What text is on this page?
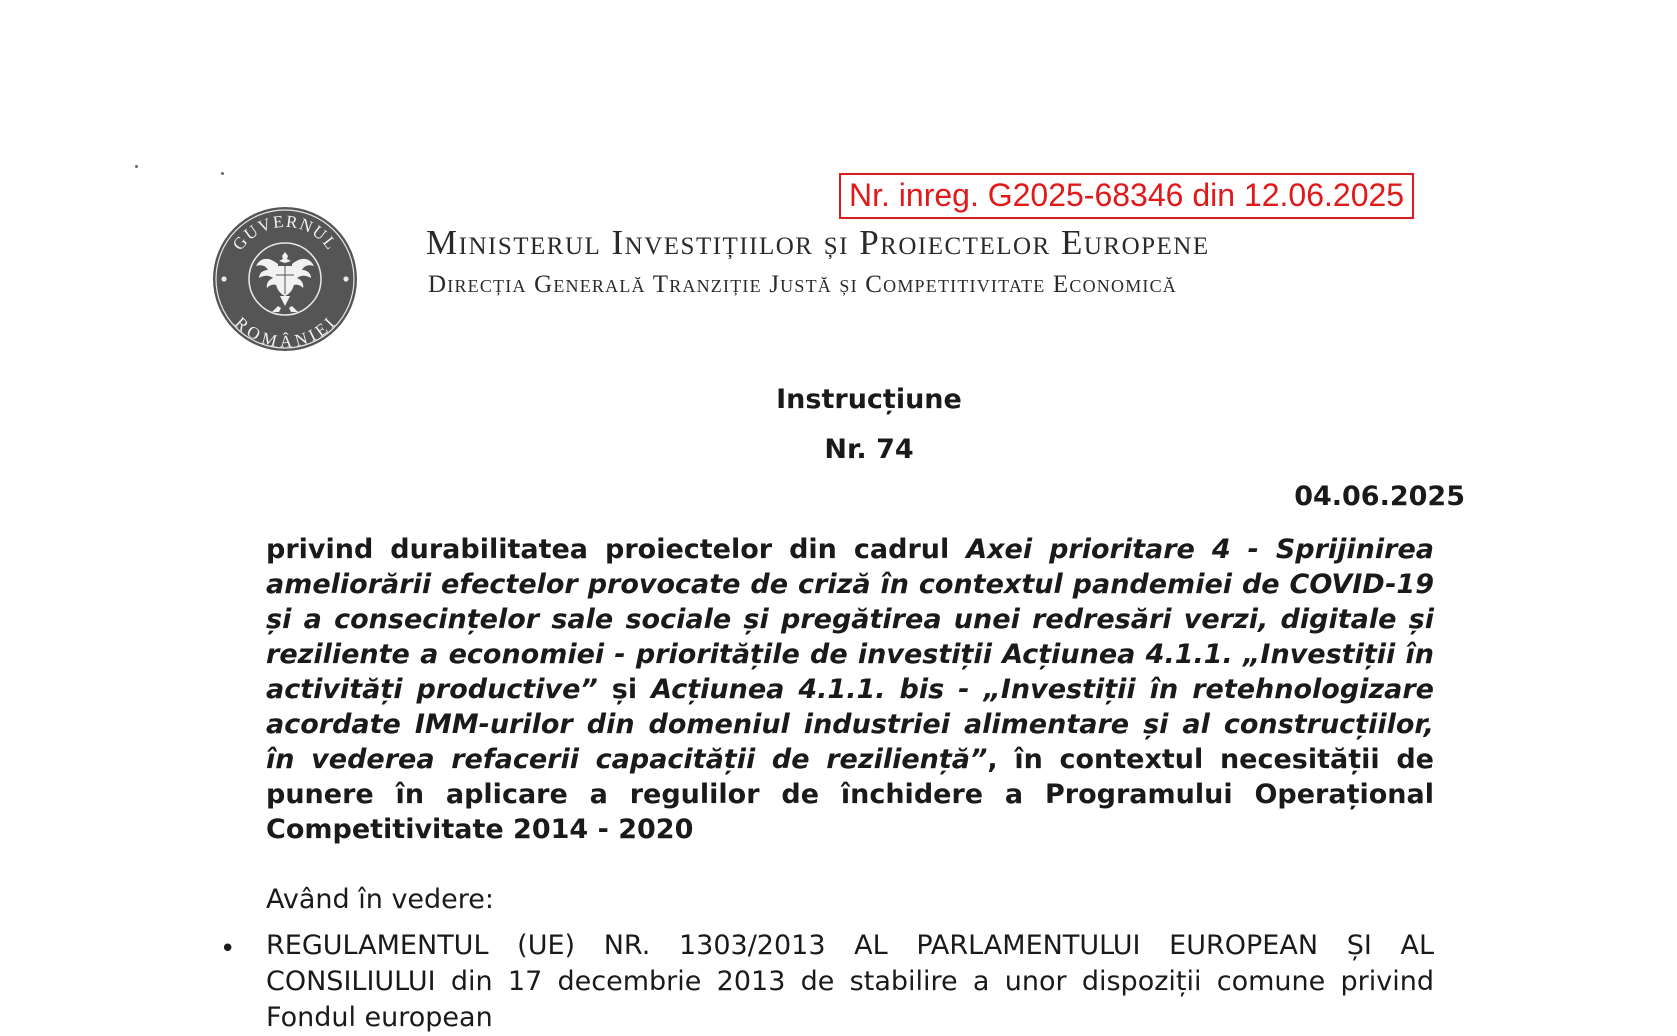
Nr. inreg. G2025-68346 din 12.06.2025
GUVERNUL
ROMÂNIEI
Ministerul Investițiilor și Proiectelor Europene
Direcția Generală Tranziție Justă și Competitivitate Economică
Instrucțiune
Nr. 74
04.06.2025
privind durabilitatea proiectelor din cadrul Axei prioritare 4 - Sprijinirea ameliorării efectelor provocate de criză în contextul pandemiei de COVID-19 și a consecințelor sale sociale și pregătirea unei redresări verzi, digitale și reziliente a economiei - prioritățile de investiții Acțiunea 4.1.1. „Investiții în activități productive” și Acțiunea 4.1.1. bis - „Investiții în retehnologizare acordate IMM-urilor din domeniul industriei alimentare și al construcțiilor, în vederea refacerii capacității de reziliență”, în contextul necesității de punere în aplicare a regulilor de închidere a Programului Operațional Competitivitate 2014 - 2020
Având în vedere:
• REGULAMENTUL (UE) NR. 1303/2013 AL PARLAMENTULUI EUROPEAN ȘI AL CONSILIULUI din 17 decembrie 2013 de stabilire a unor dispoziții comune privind Fondul european
